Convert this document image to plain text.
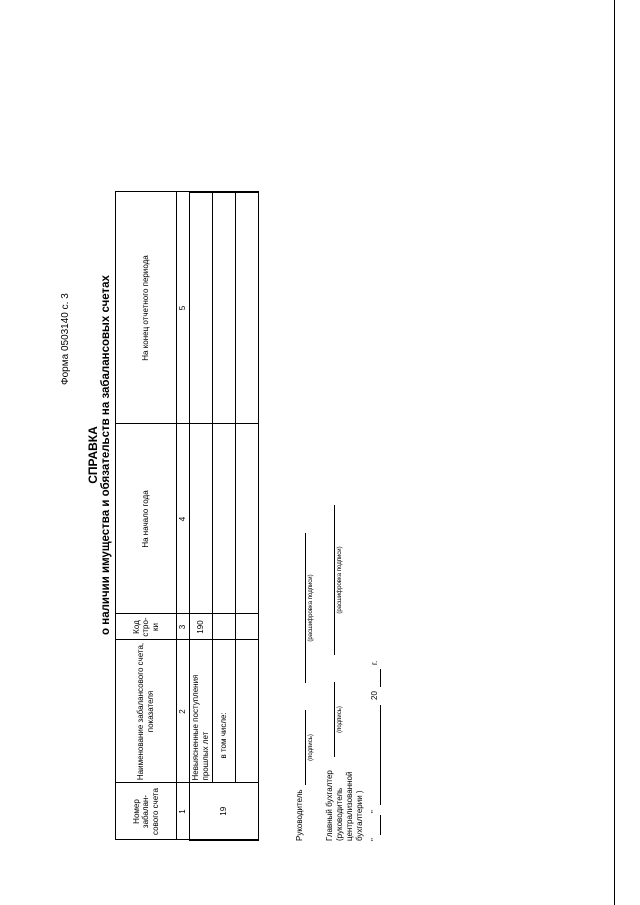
Форма 0503140 с. 3
СПРАВКА о наличии имущества и обязательств на забалансовых счетах
Номер забалан-сового счета	Наименование забалансового счета, показателя	Код стро-ки	На начало года	На конец отчетного периода
1	2	3	4	5
19	Невыясненные поступления прошлых лет	190		
	в том числе:			

Руководитель
(подпись)
(расшифровка подписи)
Главный бухгалтер (руководитель централизованной бухгалтерии )
(подпись)
(расшифровка подписи)
"
"
20
г.
